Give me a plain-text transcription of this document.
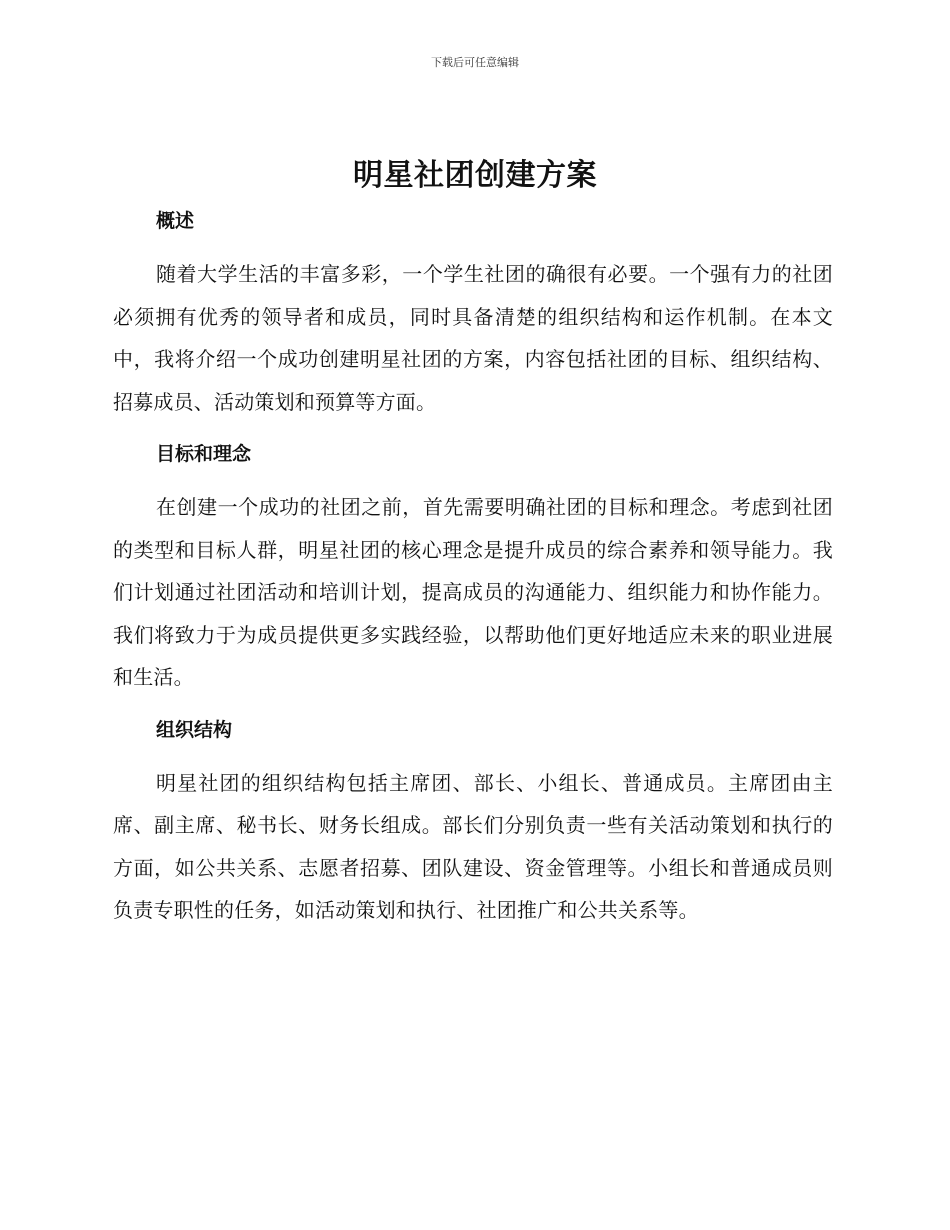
下载后可任意编辑
明星社团创建方案
概述

随着大学生活的丰富多彩，一个学生社团的确很有必要。一个强有力的社团必须拥有优秀的领导者和成员，同时具备清楚的组织结构和运作机制。在本文中，我将介绍一个成功创建明星社团的方案，内容包括社团的目标、组织结构、招募成员、活动策划和预算等方面。

目标和理念

在创建一个成功的社团之前，首先需要明确社团的目标和理念。考虑到社团的类型和目标人群，明星社团的核心理念是提升成员的综合素养和领导能力。我们计划通过社团活动和培训计划，提高成员的沟通能力、组织能力和协作能力。我们将致力于为成员提供更多实践经验，以帮助他们更好地适应未来的职业进展和生活。

组织结构

明星社团的组织结构包括主席团、部长、小组长、普通成员。主席团由主席、副主席、秘书长、财务长组成。部长们分别负责一些有关活动策划和执行的方面，如公共关系、志愿者招募、团队建设、资金管理等。小组长和普通成员则负责专职性的任务，如活动策划和执行、社团推广和公共关系等。
